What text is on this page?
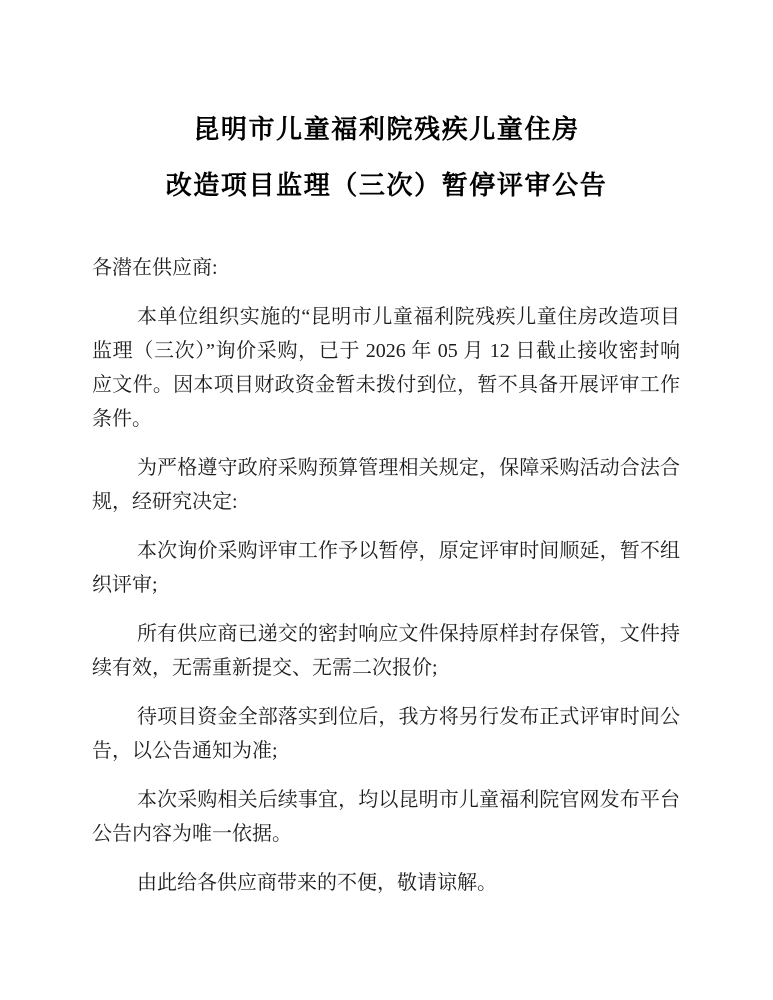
昆明市儿童福利院残疾儿童住房
改造项目监理（三次）暂停评审公告
各潜在供应商:
本单位组织实施的“昆明市儿童福利院残疾儿童住房改造项目
监理（三次）”询价采购，已于 2026 年 05 月 12 日截止接收密封响
应文件。因本项目财政资金暂未拨付到位，暂不具备开展评审工作
条件。
为严格遵守政府采购预算管理相关规定，保障采购活动合法合
规，经研究决定:
本次询价采购评审工作予以暂停，原定评审时间顺延，暂不组
织评审;
所有供应商已递交的密封响应文件保持原样封存保管，文件持
续有效，无需重新提交、无需二次报价;
待项目资金全部落实到位后，我方将另行发布正式评审时间公
告，以公告通知为准;
本次采购相关后续事宜，均以昆明市儿童福利院官网发布平台
公告内容为唯一依据。
由此给各供应商带来的不便，敬请谅解。
